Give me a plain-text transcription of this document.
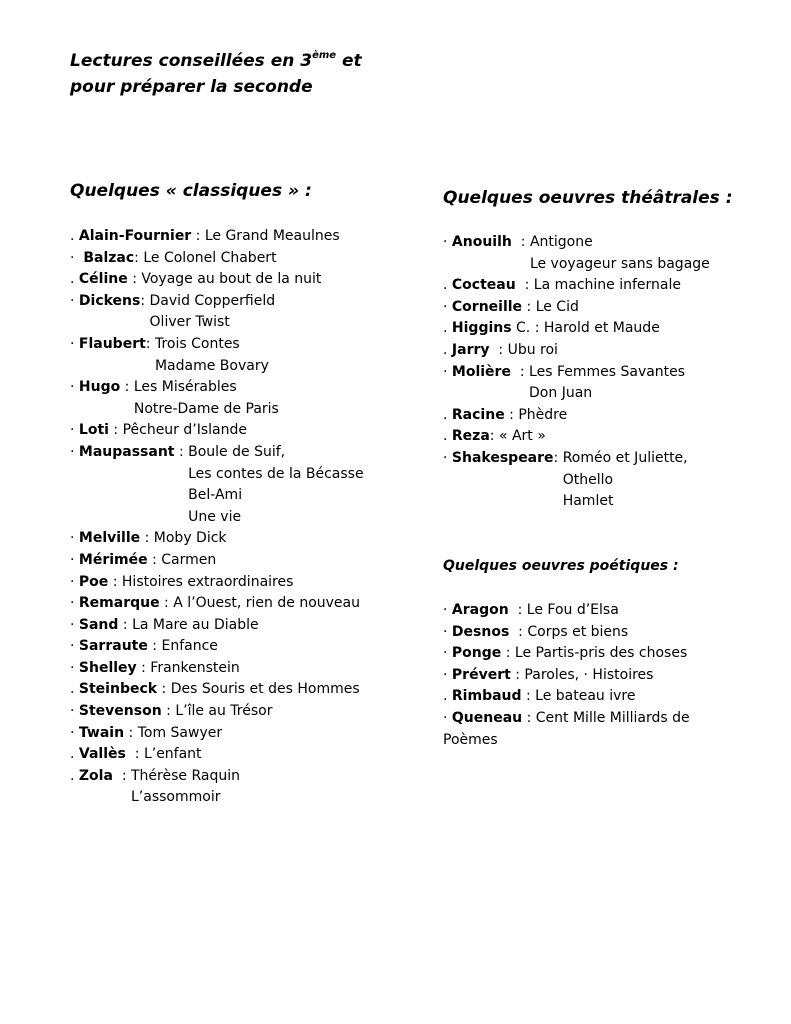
Lectures conseillées en 3ème et
pour préparer la seconde
Quelques « classiques » :
. Alain-Fournier : Le Grand Meaulnes
·  Balzac: Le Colonel Chabert
. Céline : Voyage au bout de la nuit
· Dickens: David Copperfield
Oliver Twist
· Flaubert: Trois Contes
Madame Bovary
· Hugo : Les Misérables
Notre-Dame de Paris
· Loti : Pêcheur d’Islande
· Maupassant : Boule de Suif,
Les contes de la Bécasse
Bel-Ami
Une vie
· Melville : Moby Dick
· Mérimée : Carmen
· Poe : Histoires extraordinaires
· Remarque : A l’Ouest, rien de nouveau
· Sand : La Mare au Diable
· Sarraute : Enfance
· Shelley : Frankenstein
. Steinbeck : Des Souris et des Hommes
· Stevenson : L’île au Trésor
· Twain : Tom Sawyer
. Vallès  : L’enfant
. Zola  : Thérèse Raquin
L’assommoir
Quelques oeuvres théâtrales :
· Anouilh  : Antigone
Le voyageur sans bagage
. Cocteau  : La machine infernale
· Corneille : Le Cid
. Higgins C. : Harold et Maude
. Jarry  : Ubu roi
· Molière  : Les Femmes Savantes
Don Juan
. Racine : Phèdre
. Reza: « Art »
· Shakespeare: Roméo et Juliette,
Othello
Hamlet
Quelques oeuvres poétiques :
· Aragon  : Le Fou d’Elsa
· Desnos  : Corps et biens
· Ponge : Le Partis-pris des choses
· Prévert : Paroles, · Histoires
. Rimbaud : Le bateau ivre
· Queneau : Cent Mille Milliards de Poèmes
